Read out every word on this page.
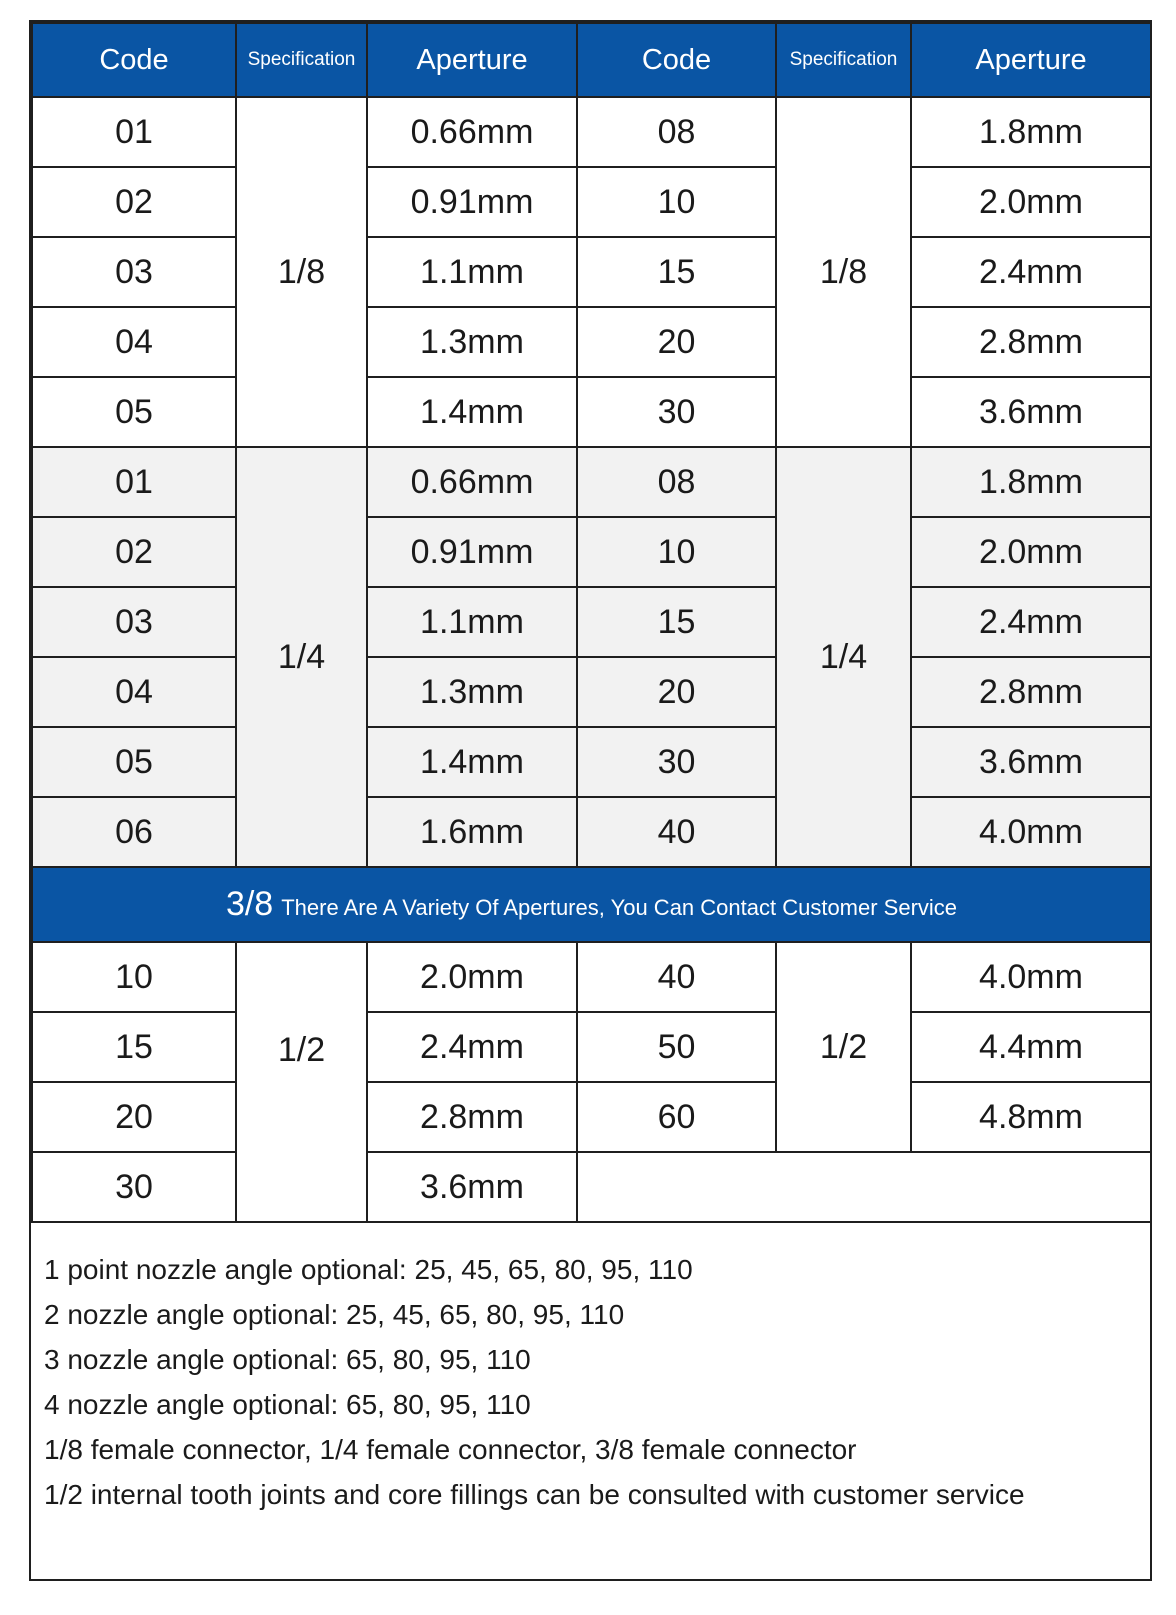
Code	Specification	Aperture	Code	Specification	Aperture
01	1/8	0.66mm	08	1/8	1.8mm
02		0.91mm	10		2.0mm
03		1.1mm	15		2.4mm
04		1.3mm	20		2.8mm
05		1.4mm	30		3.6mm
01	1/4	0.66mm	08	1/4	1.8mm
02		0.91mm	10		2.0mm
03		1.1mm	15		2.4mm
04		1.3mm	20		2.8mm
05		1.4mm	30		3.6mm
06		1.6mm	40		4.0mm
3/8 There Are A Variety Of Apertures, You Can Contact Customer Service					
10	1/2	2.0mm	40	1/2	4.0mm
15		2.4mm	50		4.4mm
20		2.8mm	60		4.8mm
30		3.6mm			
1 point nozzle angle optional: 25, 45, 65, 80, 95, 110
2 nozzle angle optional: 25, 45, 65, 80, 95, 110
3 nozzle angle optional: 65, 80, 95, 110
4 nozzle angle optional: 65, 80, 95, 110
1/8 female connector, 1/4 female connector, 3/8 female connector
1/2 internal tooth joints and core fillings can be consulted with customer service
